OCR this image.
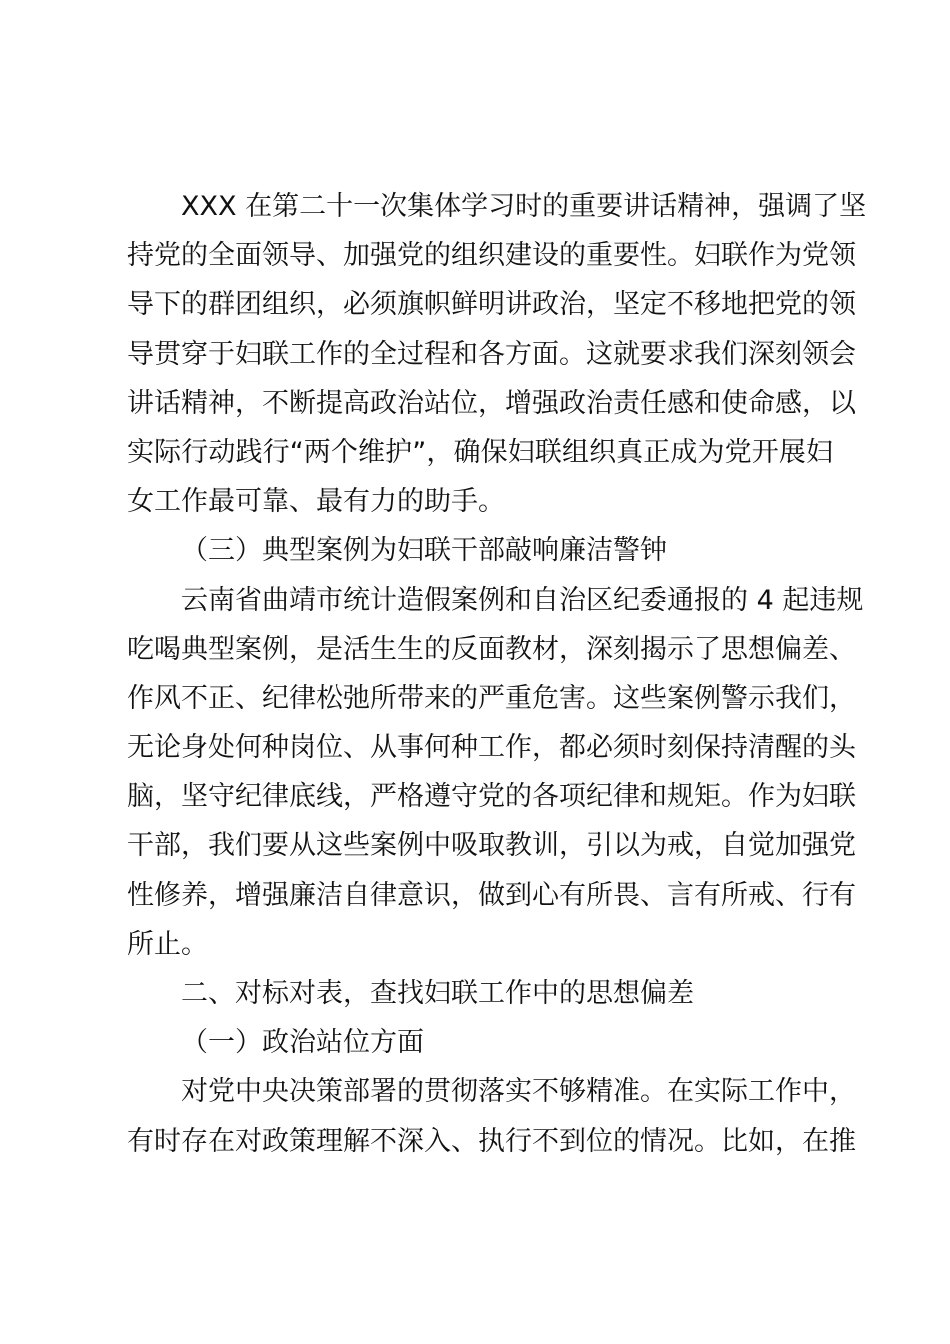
XXX 在第二十一次集体学习时的重要讲话精神，强调了坚
持党的全面领导、加强党的组织建设的重要性。妇联作为党领
导下的群团组织，必须旗帜鲜明讲政治，坚定不移地把党的领
导贯穿于妇联工作的全过程和各方面。这就要求我们深刻领会
讲话精神，不断提高政治站位，增强政治责任感和使命感，以
实际行动践行“两个维护”，确保妇联组织真正成为党开展妇
女工作最可靠、最有力的助手。
（三）典型案例为妇联干部敲响廉洁警钟
云南省曲靖市统计造假案例和自治区纪委通报的 4 起违规
吃喝典型案例，是活生生的反面教材，深刻揭示了思想偏差、
作风不正、纪律松弛所带来的严重危害。这些案例警示我们，
无论身处何种岗位、从事何种工作，都必须时刻保持清醒的头
脑，坚守纪律底线，严格遵守党的各项纪律和规矩。作为妇联
干部，我们要从这些案例中吸取教训，引以为戒，自觉加强党
性修养，增强廉洁自律意识，做到心有所畏、言有所戒、行有
所止。
二、对标对表，查找妇联工作中的思想偏差
（一）政治站位方面
对党中央决策部署的贯彻落实不够精准。在实际工作中，
有时存在对政策理解不深入、执行不到位的情况。比如，在推
